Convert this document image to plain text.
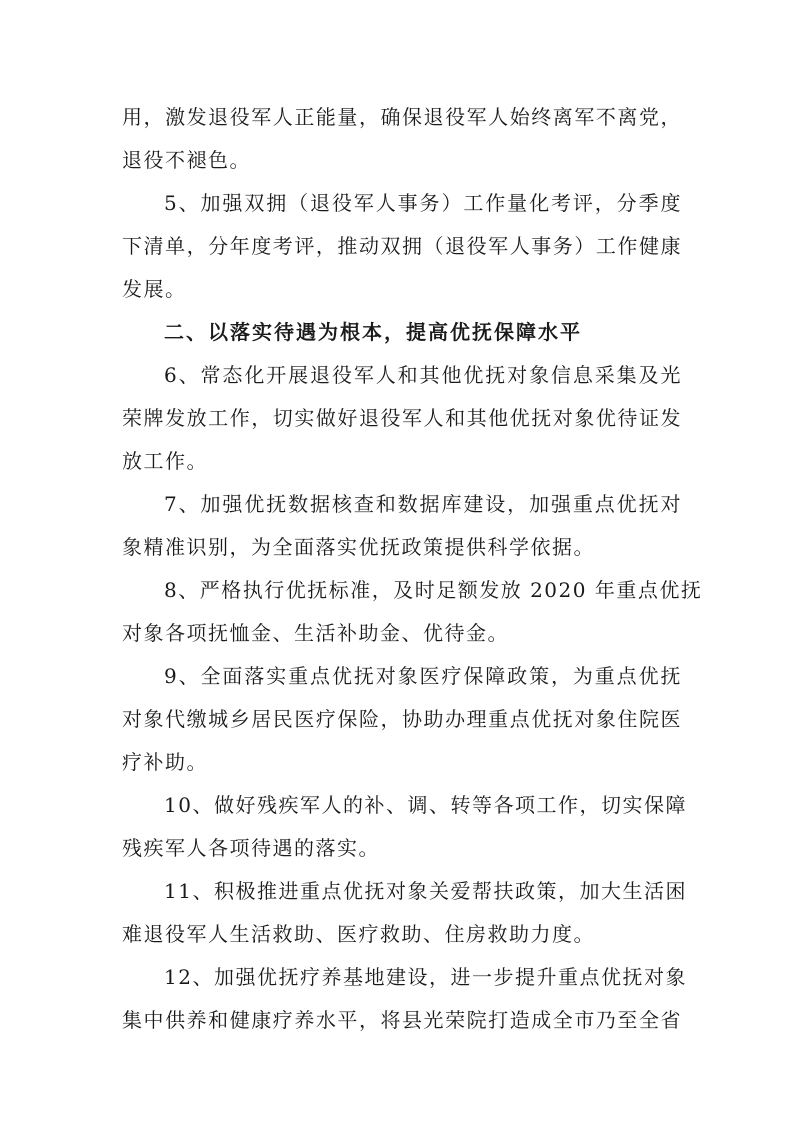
用，激发退役军人正能量，确保退役军人始终离军不离党，
退役不褪色。
5、加强双拥（退役军人事务）工作量化考评，分季度
下清单，分年度考评，推动双拥（退役军人事务）工作健康
发展。
二、以落实待遇为根本，提高优抚保障水平
6、常态化开展退役军人和其他优抚对象信息采集及光
荣牌发放工作，切实做好退役军人和其他优抚对象优待证发
放工作。
7、加强优抚数据核查和数据库建设，加强重点优抚对
象精准识别，为全面落实优抚政策提供科学依据。
8、严格执行优抚标准，及时足额发放 2020 年重点优抚
对象各项抚恤金、生活补助金、优待金。
9、全面落实重点优抚对象医疗保障政策，为重点优抚
对象代缴城乡居民医疗保险，协助办理重点优抚对象住院医
疗补助。
10、做好残疾军人的补、调、转等各项工作，切实保障
残疾军人各项待遇的落实。
11、积极推进重点优抚对象关爱帮扶政策，加大生活困
难退役军人生活救助、医疗救助、住房救助力度。
12、加强优抚疗养基地建设，进一步提升重点优抚对象
集中供养和健康疗养水平，将县光荣院打造成全市乃至全省
